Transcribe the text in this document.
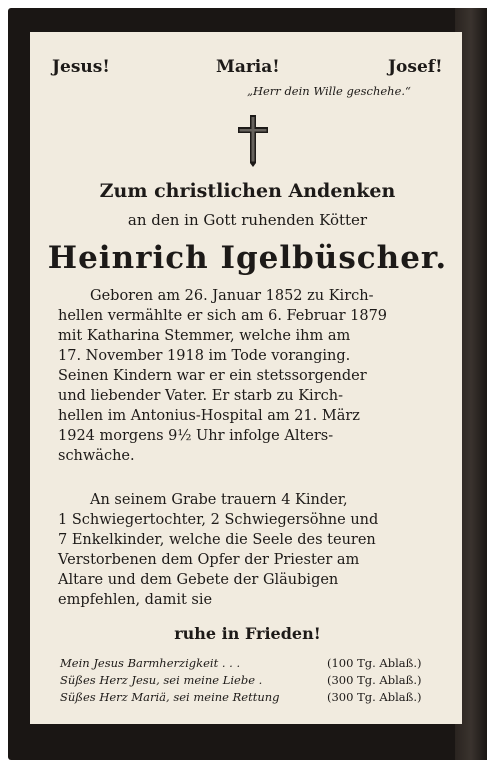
Jesus!	Maria!	Josef!
„Herr dein Wille geschehe.“
Zum christlichen Andenken
an den in Gott ruhenden Kötter
Heinrich Igelbüscher.
Geboren am 26. Januar 1852 zu Kirch-
hellen vermählte er sich am 6. Februar 1879
mit Katharina Stemmer, welche ihm am
17. November 1918 im Tode voranging.
Seinen Kindern war er ein stetssorgender
und liebender Vater. Er starb zu Kirch-
hellen im Antonius-Hospital am 21. März
1924 morgens 9½ Uhr infolge Alters-
schwäche.
An seinem Grabe trauern 4 Kinder,
1 Schwiegertochter, 2 Schwiegersöhne und
7 Enkelkinder, welche die Seele des teuren
Verstorbenen dem Opfer der Priester am
Altare und dem Gebete der Gläubigen
empfehlen, damit sie
ruhe in Frieden!
Mein Jesus Barmherzigkeit . . .	(100 Tg. Ablaß.)
Süßes Herz Jesu, sei meine Liebe .	(300 Tg. Ablaß.)
Süßes Herz Mariä, sei meine Rettung	(300 Tg. Ablaß.)
